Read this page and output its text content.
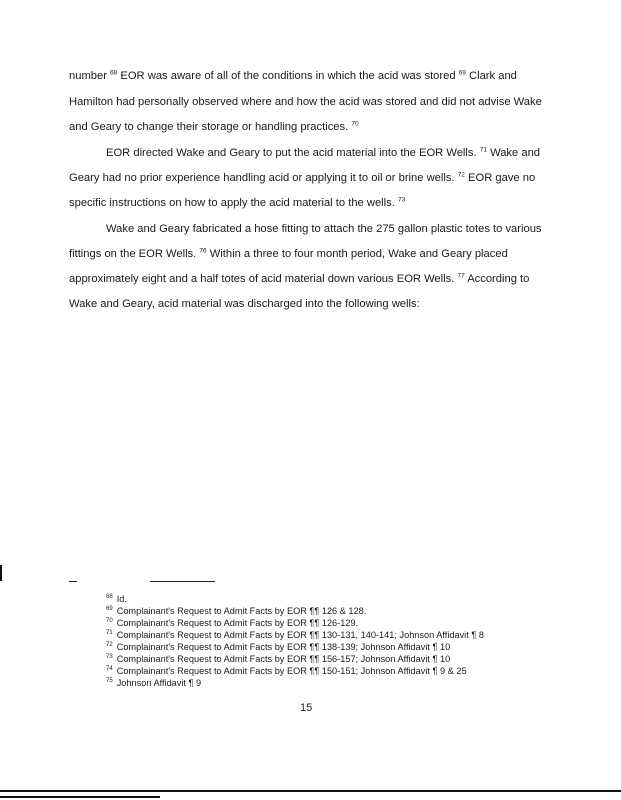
number $^{68}$ EOR was aware of all of the conditions in which the acid was stored $^{69}$ Clark and
Hamilton had personally observed where and how the acid was stored and did not advise Wake
and Geary to change their storage or handling practices. $^{70}$
EOR directed Wake and Geary to put the acid material into the EOR Wells. $^{71}$ Wake and
Geary had no prior experience handling acid or applying it to oil or brine wells. $^{72}$ EOR gave no
specific instructions on how to apply the acid material to the wells. $^{73}$
Wake and Geary fabricated a hose fitting to attach the 275 gallon plastic totes to various
fittings on the EOR Wells. $^{76}$ Within a three to four month period, Wake and Geary placed
approximately eight and a half totes of acid material down various EOR Wells. $^{77}$ According to
Wake and Geary, acid material was discharged into the following wells:
$^{68}$ Id.
$^{69}$ Complainant's Request to Admit Facts by EOR ¶¶ 126 & 128.
$^{70}$ Complainant's Request to Admit Facts by EOR ¶¶ 126-129.
$^{71}$ Complainant's Request to Admit Facts by EOR ¶¶ 130-131, 140-141; Johnson Affidavit ¶ 8
$^{72}$ Complainant's Request to Admit Facts by EOR ¶¶ 138-139; Johnson Affidavit ¶ 10
$^{73}$ Complainant's Request to Admit Facts by EOR ¶¶ 156-157; Johnson Affidavit ¶ 10
$^{74}$ Complainant's Request to Admit Facts by EOR ¶¶ 150-151; Johnson Affidavit ¶ 9 & 25
$^{75}$ Johnson Affidavit ¶ 9
15
